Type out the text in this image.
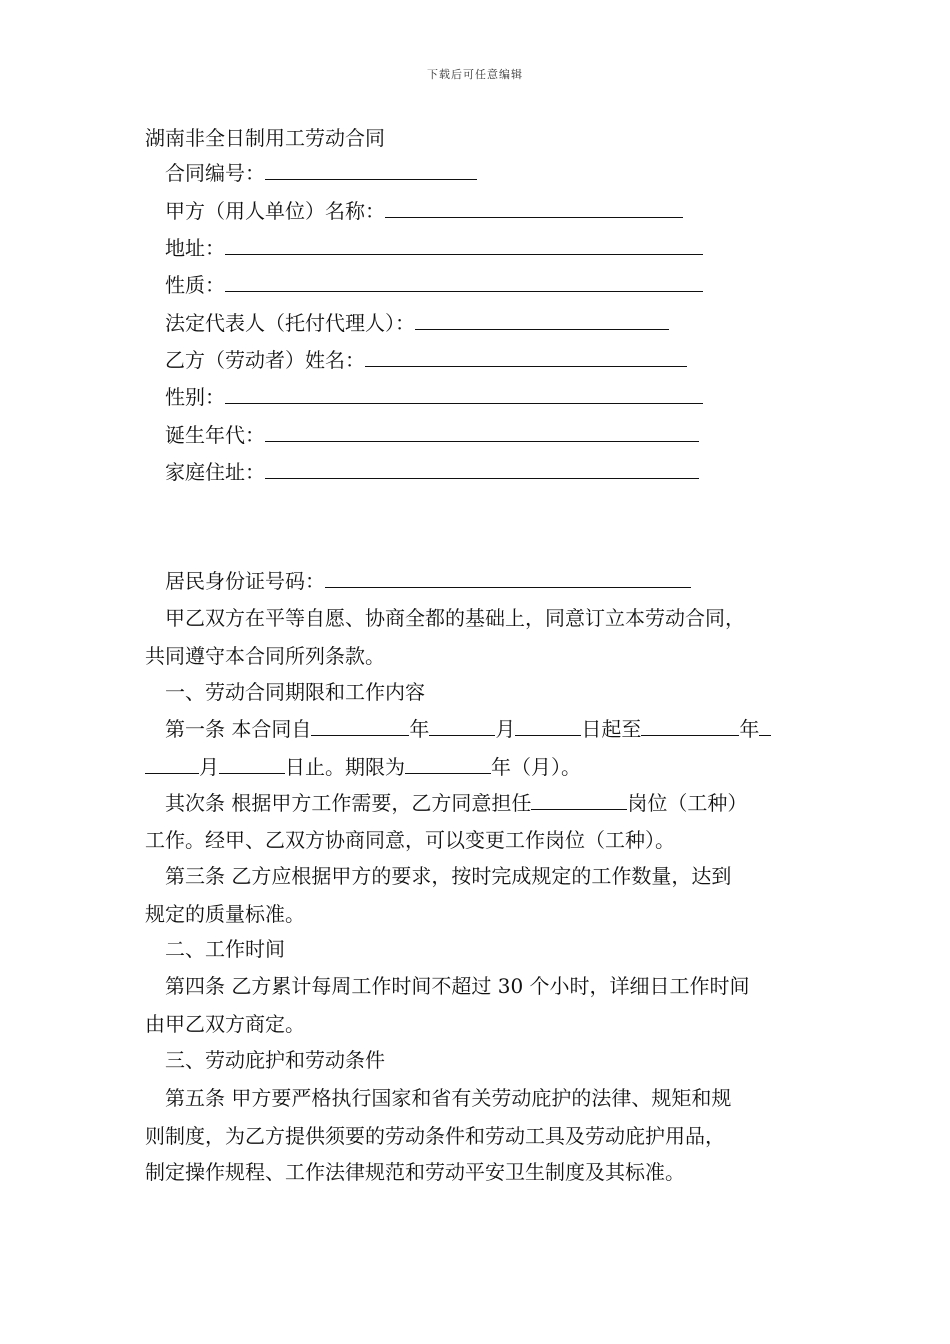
下载后可任意编辑
湖南非全日制用工劳动合同
合同编号：
甲方（用人单位）名称：
地址：
性质：
法定代表人（托付代理人）：
乙方（劳动者）姓名：
性别：
诞生年代：
家庭住址：
居民身份证号码：
甲乙双方在平等自愿、协商全都的基础上，同意订立本劳动合同，
共同遵守本合同所列条款。
一、劳动合同期限和工作内容
第一条 本合同自	年	月	日起至	年
月	日止。期限为	年（月）。
其次条 根据甲方工作需要，乙方同意担任	岗位（工种）
工作。经甲、乙双方协商同意，可以变更工作岗位（工种）。
第三条 乙方应根据甲方的要求，按时完成规定的工作数量，达到
规定的质量标准。
二、工作时间
第四条 乙方累计每周工作时间不超过 30 个小时，详细日工作时间
由甲乙双方商定。
三、劳动庇护和劳动条件
第五条 甲方要严格执行国家和省有关劳动庇护的法律、规矩和规
则制度，为乙方提供须要的劳动条件和劳动工具及劳动庇护用品，
制定操作规程、工作法律规范和劳动平安卫生制度及其标准。
